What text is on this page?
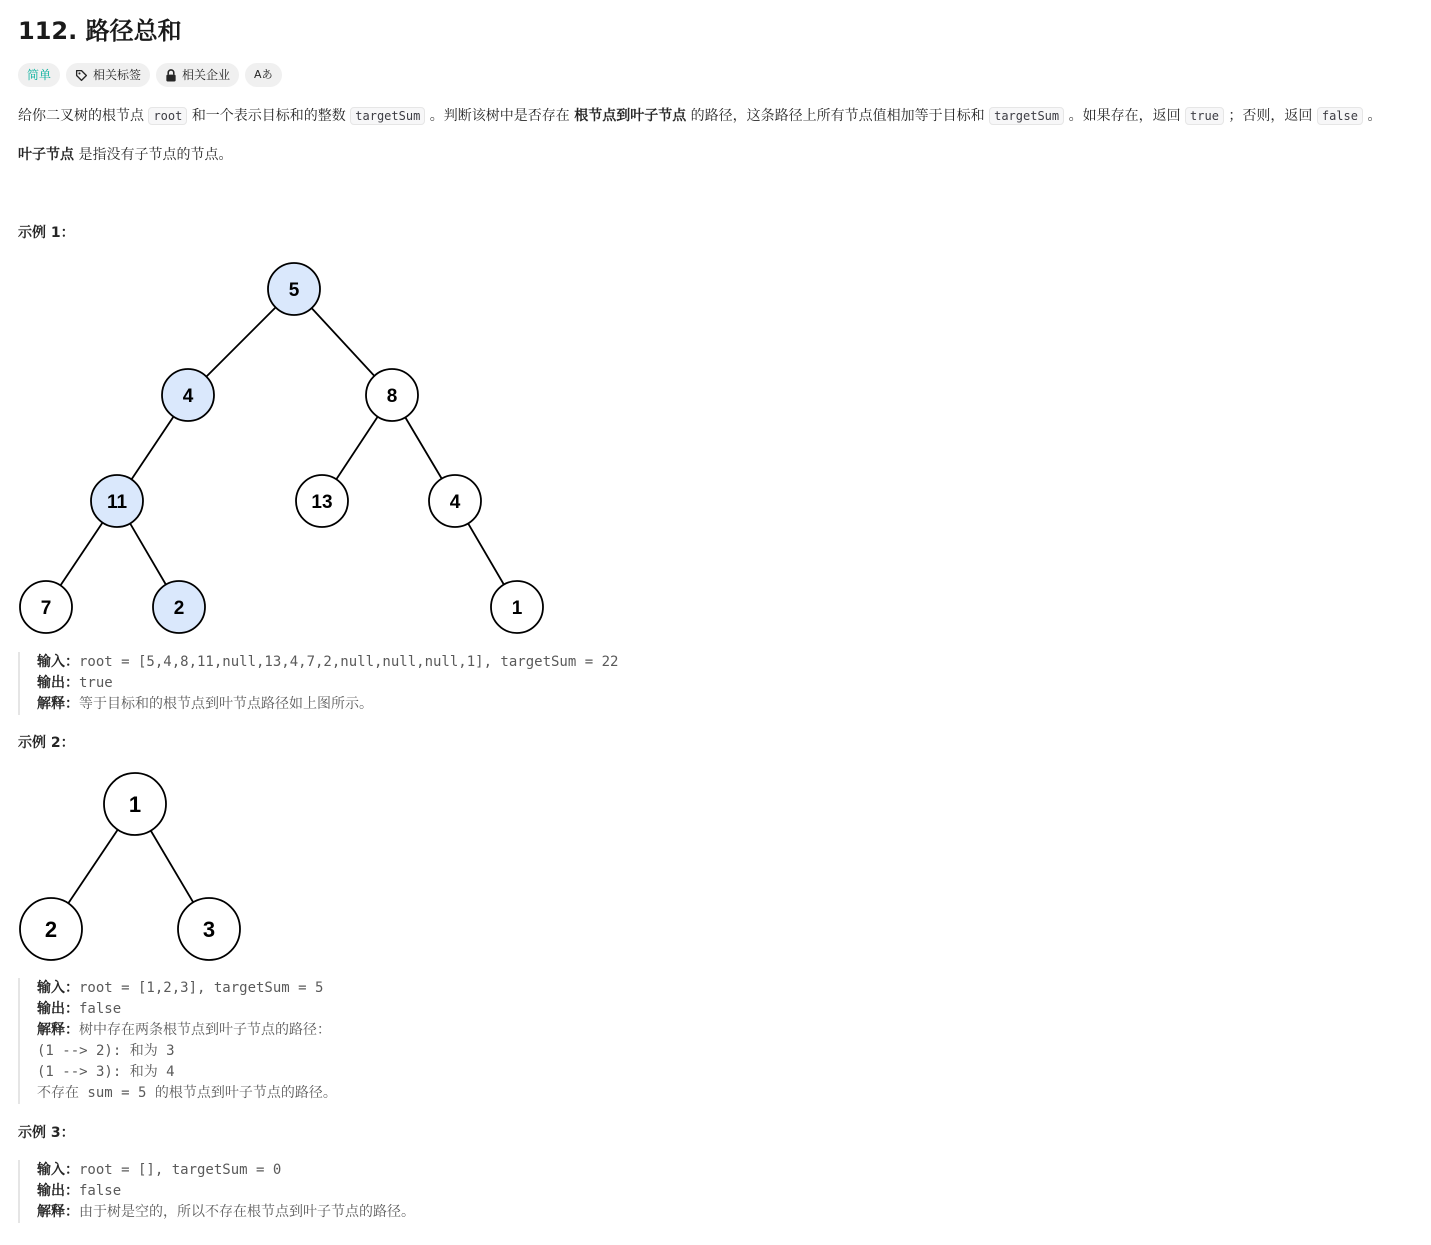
112. 路径总和
简单	相关标签	相关企业 Aあ

给你二叉树的根节点 root 和一个表示目标和的整数 targetSum 。判断该树中是否存在 根节点到叶子节点 的路径，这条路径上所有节点值相加等于目标和 targetSum 。如果存在，返回 true ；否则，返回 false 。

叶子节点 是指没有子节点的节点。

示例 1：
5
4	8
11	13	4
7	2	1
输入：root = [5,4,8,11,null,13,4,7,2,null,null,null,1], targetSum = 22
输出：true
解释：等于目标和的根节点到叶节点路径如上图所示。
示例 2：
1
2	3
输入：root = [1,2,3], targetSum = 5
输出：false
解释：树中存在两条根节点到叶子节点的路径：
(1 --> 2): 和为 3
(1 --> 3): 和为 4
不存在 sum = 5 的根节点到叶子节点的路径。
示例 3：
输入：root = [], targetSum = 0
输出：false
解释：由于树是空的，所以不存在根节点到叶子节点的路径。
